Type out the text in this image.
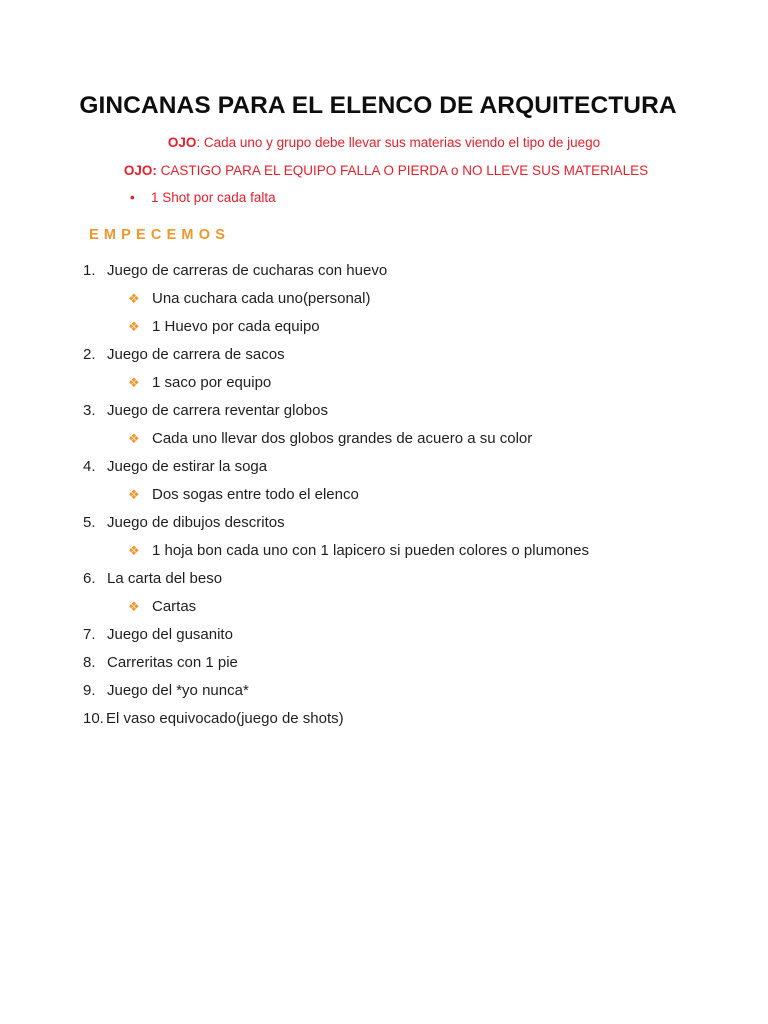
GINCANAS PARA EL ELENCO DE ARQUITECTURA
OJO: Cada uno y grupo debe llevar sus materias viendo el tipo de juego
OJO: CASTIGO PARA EL EQUIPO FALLA O PIERDA o NO LLEVE SUS MATERIALES
• 1 Shot por cada falta
EMPECEMOS
1. Juego de carreras de cucharas con huevo
❖ Una cuchara cada uno(personal)
❖ 1 Huevo por cada equipo
2. Juego de carrera de sacos
❖ 1 saco por equipo
3. Juego de carrera reventar globos
❖ Cada uno llevar dos globos grandes de acuero a su color
4. Juego de estirar la soga
❖ Dos sogas entre todo el elenco
5. Juego de dibujos descritos
❖ 1 hoja bon cada uno con 1 lapicero si pueden colores o plumones
6. La carta del beso
❖ Cartas
7. Juego del gusanito
8. Carreritas con 1 pie
9. Juego del *yo nunca*
10. El vaso equivocado(juego de shots)
